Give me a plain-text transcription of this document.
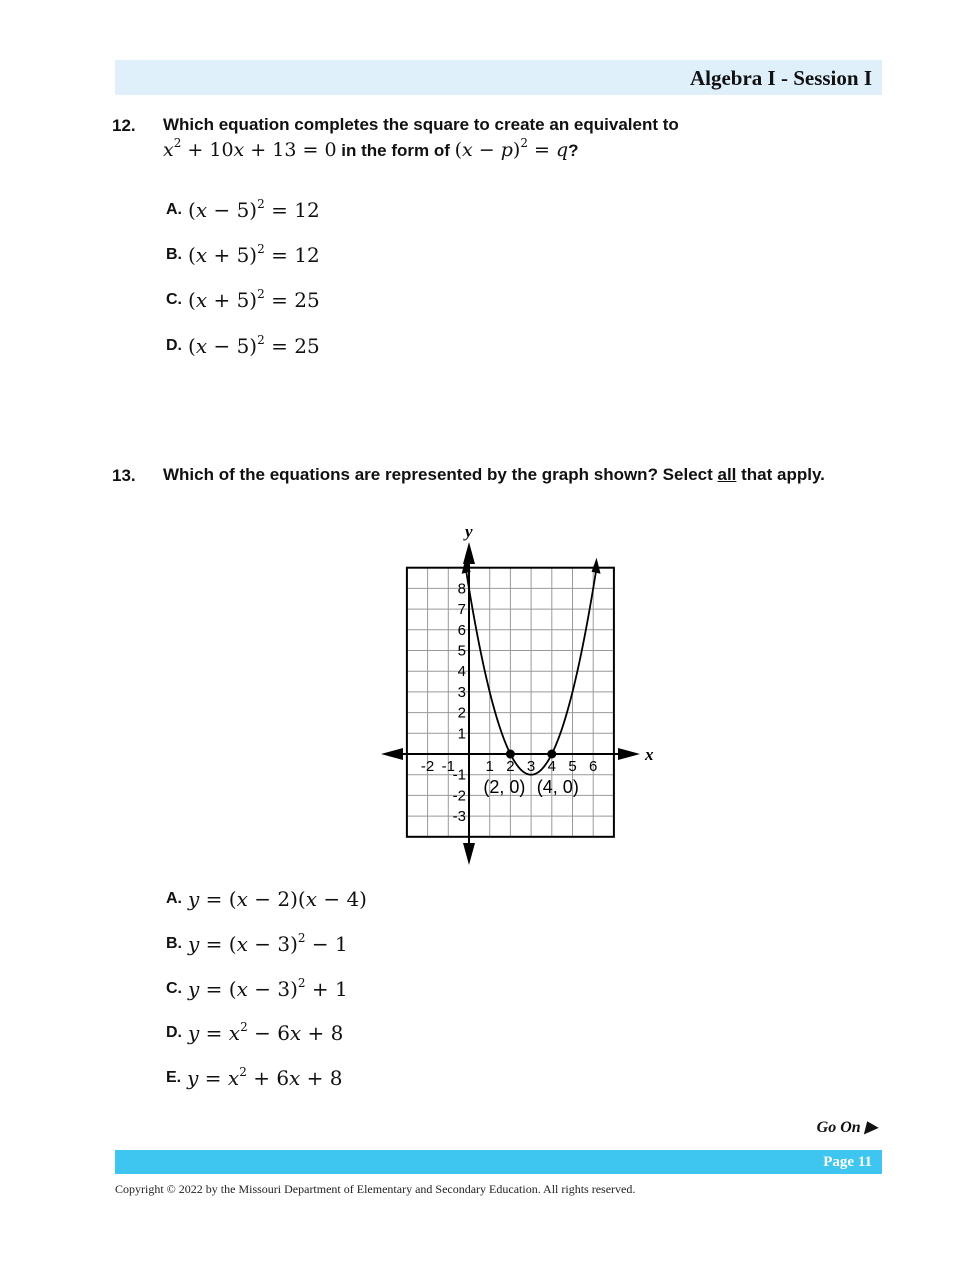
Algebra I - Session I
12. Which equation completes the square to create an equivalent to
$x^2 + 10x + 13 = 0$ in the form of $(x - p)^2 = q$?
A. $(x - 5)^2 = 12$
B. $(x + 5)^2 = 12$
C. $(x + 5)^2 = 25$
D. $(x - 5)^2 = 25$
13. Which of the equations are represented by the graph shown? Select all that apply.
x
y
-2 -1 1 2 3 4 5 6
8
7
6
5
4
3
2
1
-1
-2
-3
(2, 0) (4, 0)
A. y = (x − 2)(x − 4)
B. $y = (x - 3)^2 - 1$
C. $y = (x - 3)^2 + 1$
D. $y = x^2 - 6x + 8$
E. $y = x^2 + 6x + 8$
Go On ▶
Page 11
Copyright © 2022 by the Missouri Department of Elementary and Secondary Education. All rights reserved.
